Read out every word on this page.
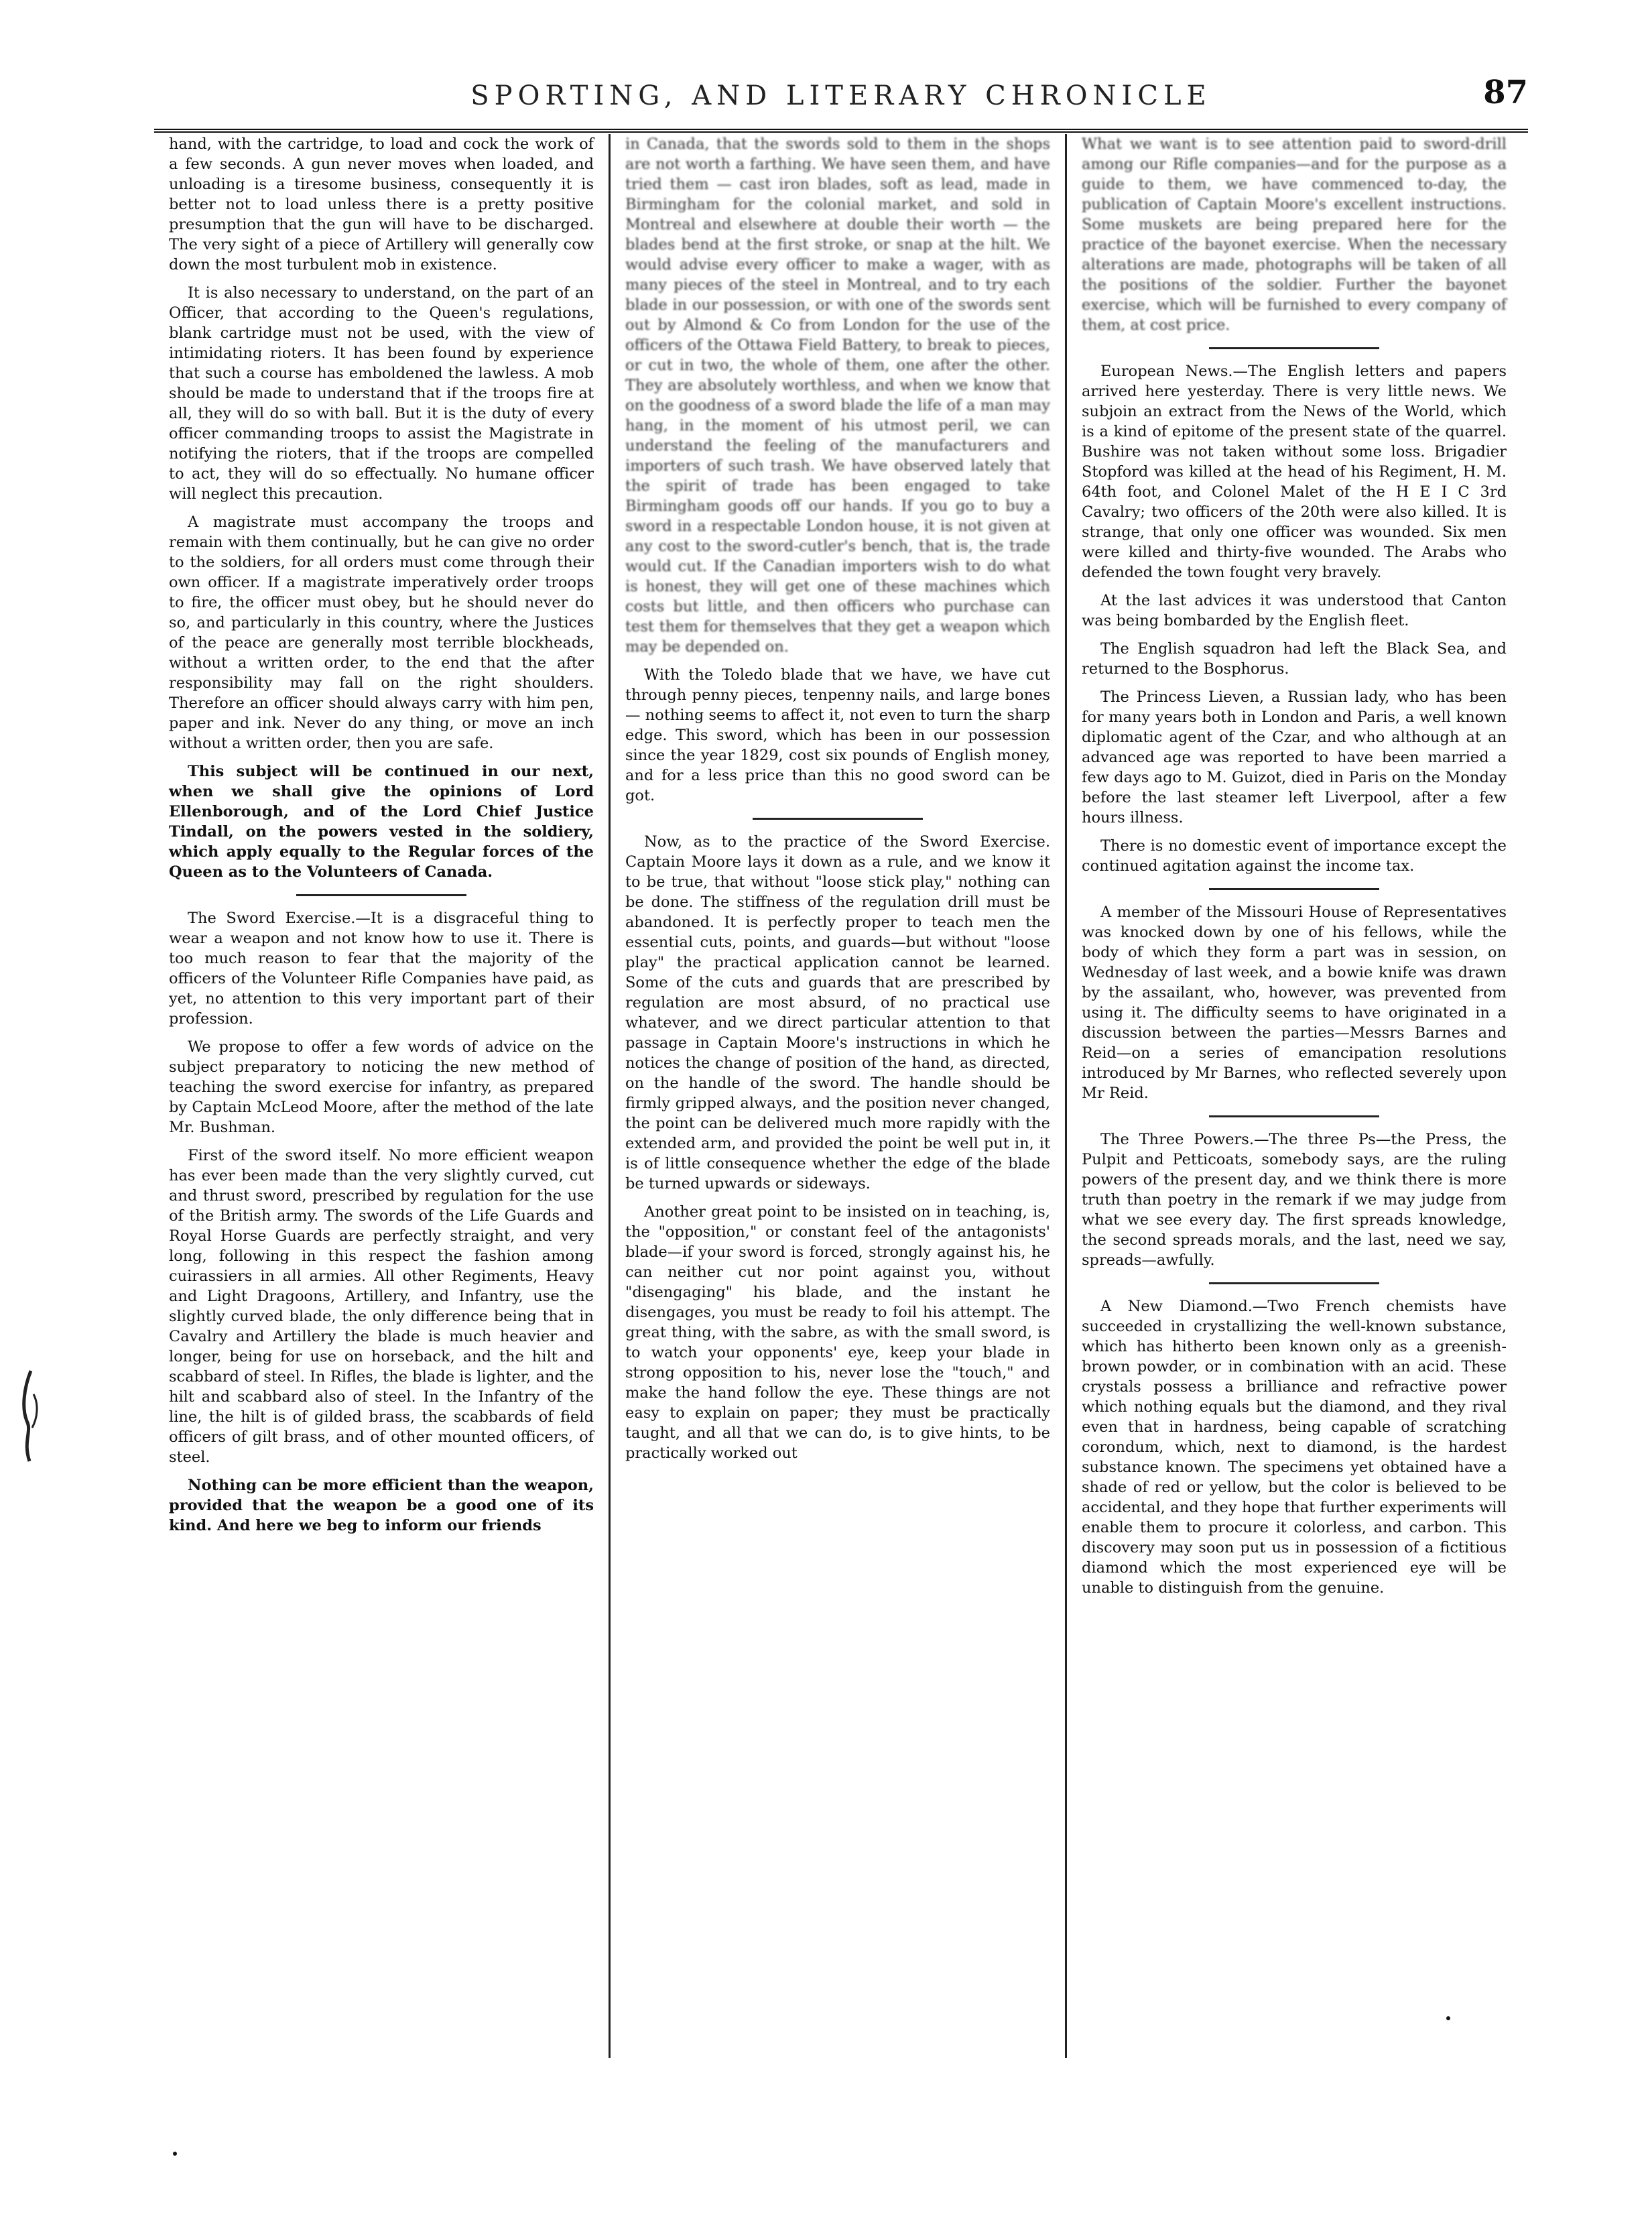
SPORTING, AND LITERARY CHRONICLE	87

hand, with the cartridge, to load and cock the work of a few seconds. A gun never moves when loaded, and unloading is a tiresome business, consequently it is better not to load unless there is a pretty positive presumption that the gun will have to be discharged. The very sight of a piece of Artillery will generally cow down the most turbulent mob in existence.

It is also necessary to understand, on the part of an Officer, that according to the Queen's regulations, blank cartridge must not be used, with the view of intimidating rioters. It has been found by experience that such a course has emboldened the lawless. A mob should be made to understand that if the troops fire at all, they will do so with ball. But it is the duty of every officer commanding troops to assist the Magistrate in notifying the rioters, that if the troops are compelled to act, they will do so effectually. No humane officer will neglect this precaution.

A magistrate must accompany the troops and remain with them continually, but he can give no order to the soldiers, for all orders must come through their own officer. If a magistrate imperatively order troops to fire, the officer must obey, but he should never do so, and particularly in this country, where the Justices of the peace are generally most terrible blockheads, without a written order, to the end that the after responsibility may fall on the right shoulders. Therefore an officer should always carry with him pen, paper and ink. Never do any thing, or move an inch without a written order, then you are safe.

This subject will be continued in our next, when we shall give the opinions of Lord Ellenborough, and of the Lord Chief Justice Tindall, on the powers vested in the soldiery, which apply equally to the Regular forces of the Queen as to the Volunteers of Canada.

The Sword Exercise.—It is a disgraceful thing to wear a weapon and not know how to use it. There is too much reason to fear that the majority of the officers of the Volunteer Rifle Companies have paid, as yet, no attention to this very important part of their profession.

We propose to offer a few words of advice on the subject preparatory to noticing the new method of teaching the sword exercise for infantry, as prepared by Captain McLeod Moore, after the method of the late Mr. Bushman.

First of the sword itself. No more efficient weapon has ever been made than the very slightly curved, cut and thrust sword, prescribed by regulation for the use of the British army. The swords of the Life Guards and Royal Horse Guards are perfectly straight, and very long, following in this respect the fashion among cuirassiers in all armies. All other Regiments, Heavy and Light Dragoons, Artillery, and Infantry, use the slightly curved blade, the only difference being that in Cavalry and Artillery the blade is much heavier and longer, being for use on horseback, and the hilt and scabbard of steel. In Rifles, the blade is lighter, and the hilt and scabbard also of steel. In the Infantry of the line, the hilt is of gilded brass, the scabbards of field officers of gilt brass, and of other mounted officers, of steel.

Nothing can be more efficient than the weapon, provided that the weapon be a good one of its kind. And here we beg to inform our friends

in Canada, that the swords sold to them in the shops are not worth a farthing. We have seen them, and have tried them — cast iron blades, soft as lead, made in Birmingham for the colonial market, and sold in Montreal and elsewhere at double their worth — the blades bend at the first stroke, or snap at the hilt. We would advise every officer to make a wager, with as many pieces of the steel in Montreal, and to try each blade in our possession, or with one of the swords sent out by Almond & Co from London for the use of the officers of the Ottawa Field Battery, to break to pieces, or cut in two, the whole of them, one after the other. They are absolutely worthless, and when we know that on the goodness of a sword blade the life of a man may hang, in the moment of his utmost peril, we can understand the feeling of the manufacturers and importers of such trash. We have observed lately that the spirit of trade has been engaged to take Birmingham goods off our hands. If you go to buy a sword in a respectable London house, it is not given at any cost to the sword-cutler's bench, that is, the trade would cut. If the Canadian importers wish to do what is honest, they will get one of these machines which costs but little, and then officers who purchase can test them for themselves that they get a weapon which may be depended on.

With the Toledo blade that we have, we have cut through penny pieces, tenpenny nails, and large bones — nothing seems to affect it, not even to turn the sharp edge. This sword, which has been in our possession since the year 1829, cost six pounds of English money, and for a less price than this no good sword can be got.

Now, as to the practice of the Sword Exercise. Captain Moore lays it down as a rule, and we know it to be true, that without "loose stick play," nothing can be done. The stiffness of the regulation drill must be abandoned. It is perfectly proper to teach men the essential cuts, points, and guards—but without "loose play" the practical application cannot be learned. Some of the cuts and guards that are prescribed by regulation are most absurd, of no practical use whatever, and we direct particular attention to that passage in Captain Moore's instructions in which he notices the change of position of the hand, as directed, on the handle of the sword. The handle should be firmly gripped always, and the position never changed, the point can be delivered much more rapidly with the extended arm, and provided the point be well put in, it is of little consequence whether the edge of the blade be turned upwards or sideways.

Another great point to be insisted on in teaching, is, the "opposition," or constant feel of the antagonists' blade—if your sword is forced, strongly against his, he can neither cut nor point against you, without "disengaging" his blade, and the instant he disengages, you must be ready to foil his attempt. The great thing, with the sabre, as with the small sword, is to watch your opponents' eye, keep your blade in strong opposition to his, never lose the "touch," and make the hand follow the eye. These things are not easy to explain on paper; they must be practically taught, and all that we can do, is to give hints, to be practically worked out

What we want is to see attention paid to sword-drill among our Rifle companies—and for the purpose as a guide to them, we have commenced to-day, the publication of Captain Moore's excellent instructions. Some muskets are being prepared here for the practice of the bayonet exercise. When the necessary alterations are made, photographs will be taken of all the positions of the soldier. Further the bayonet exercise, which will be furnished to every company of them, at cost price.

European News.—The English letters and papers arrived here yesterday. There is very little news. We subjoin an extract from the News of the World, which is a kind of epitome of the present state of the quarrel. Bushire was not taken without some loss. Brigadier Stopford was killed at the head of his Regiment, H. M. 64th foot, and Colonel Malet of the H E I C 3rd Cavalry; two officers of the 20th were also killed. It is strange, that only one officer was wounded. Six men were killed and thirty-five wounded. The Arabs who defended the town fought very bravely.

At the last advices it was understood that Canton was being bombarded by the English fleet.

The English squadron had left the Black Sea, and returned to the Bosphorus.

The Princess Lieven, a Russian lady, who has been for many years both in London and Paris, a well known diplomatic agent of the Czar, and who although at an advanced age was reported to have been married a few days ago to M. Guizot, died in Paris on the Monday before the last steamer left Liverpool, after a few hours illness.

There is no domestic event of importance except the continued agitation against the income tax.

A member of the Missouri House of Representatives was knocked down by one of his fellows, while the body of which they form a part was in session, on Wednesday of last week, and a bowie knife was drawn by the assailant, who, however, was prevented from using it. The difficulty seems to have originated in a discussion between the parties—Messrs Barnes and Reid—on a series of emancipation resolutions introduced by Mr Barnes, who reflected severely upon Mr Reid.

The Three Powers.—The three Ps—the Press, the Pulpit and Petticoats, somebody says, are the ruling powers of the present day, and we think there is more truth than poetry in the remark if we may judge from what we see every day. The first spreads knowledge, the second spreads morals, and the last, need we say, spreads—awfully.

A New Diamond.—Two French chemists have succeeded in crystallizing the well-known substance, which has hitherto been known only as a greenish-brown powder, or in combination with an acid. These crystals possess a brilliance and refractive power which nothing equals but the diamond, and they rival even that in hardness, being capable of scratching corondum, which, next to diamond, is the hardest substance known. The specimens yet obtained have a shade of red or yellow, but the color is believed to be accidental, and they hope that further experiments will enable them to procure it colorless, and carbon. This discovery may soon put us in possession of a fictitious diamond which the most experienced eye will be unable to distinguish from the genuine.
